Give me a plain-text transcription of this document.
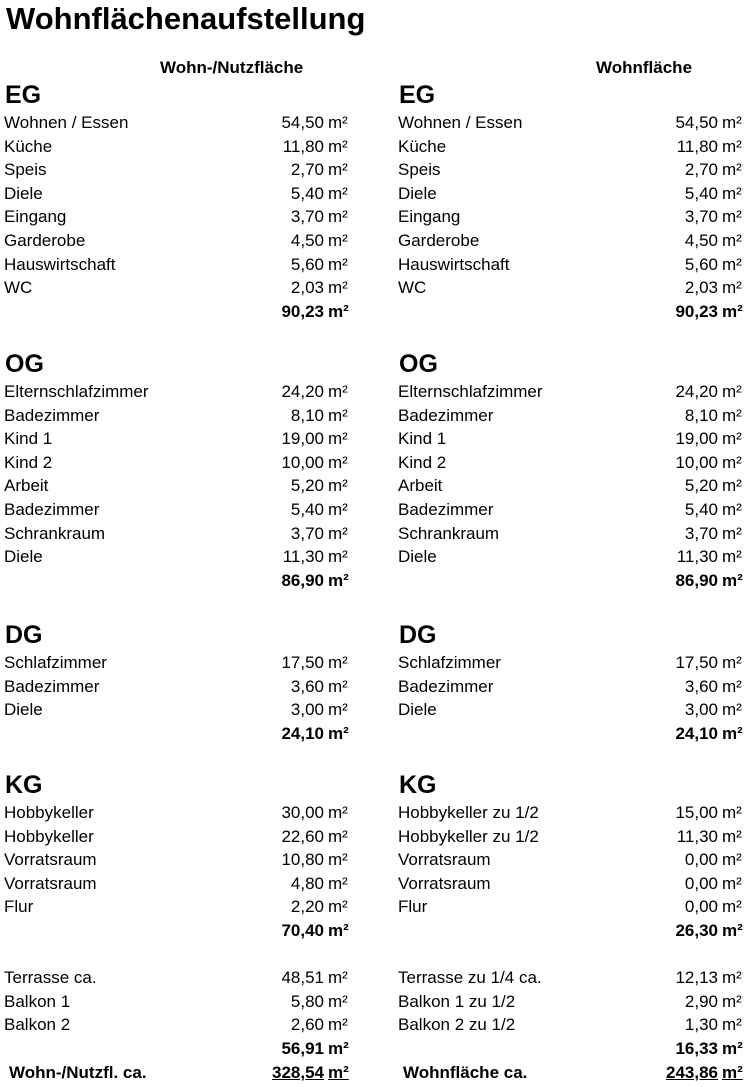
Wohnflächenaufstellung
Wohn-/Nutzfläche	Wohnfläche
EG
Wohnen / Essen	54,50 m²
Küche	11,80 m²
Speis	2,70 m²
Diele	5,40 m²
Eingang	3,70 m²
Garderobe	4,50 m²
Hauswirtschaft	5,60 m²
WC	2,03 m²
90,23 m²
OG
Elternschlafzimmer	24,20 m²
Badezimmer	8,10 m²
Kind 1	19,00 m²
Kind 2	10,00 m²
Arbeit	5,20 m²
Badezimmer	5,40 m²
Schrankraum	3,70 m²
Diele	11,30 m²
86,90 m²
DG
Schlafzimmer	17,50 m²
Badezimmer	3,60 m²
Diele	3,00 m²
24,10 m²
KG
Hobbykeller	30,00 m²
Hobbykeller	22,60 m²
Vorratsraum	10,80 m²
Vorratsraum	4,80 m²
Flur	2,20 m²
70,40 m²
Terrasse ca.	48,51 m²
Balkon 1	5,80 m²
Balkon 2	2,60 m²
56,91 m²
Wohn-/Nutzfl. ca.	328,54 m²
EG
Wohnen / Essen	54,50 m²
Küche	11,80 m²
Speis	2,70 m²
Diele	5,40 m²
Eingang	3,70 m²
Garderobe	4,50 m²
Hauswirtschaft	5,60 m²
WC	2,03 m²
90,23 m²
OG
Elternschlafzimmer	24,20 m²
Badezimmer	8,10 m²
Kind 1	19,00 m²
Kind 2	10,00 m²
Arbeit	5,20 m²
Badezimmer	5,40 m²
Schrankraum	3,70 m²
Diele	11,30 m²
86,90 m²
DG
Schlafzimmer	17,50 m²
Badezimmer	3,60 m²
Diele	3,00 m²
24,10 m²
KG
Hobbykeller zu 1/2	15,00 m²
Hobbykeller zu 1/2	11,30 m²
Vorratsraum	0,00 m²
Vorratsraum	0,00 m²
Flur	0,00 m²
26,30 m²
Terrasse zu 1/4 ca.	12,13 m²
Balkon 1 zu 1/2	2,90 m²
Balkon 2 zu 1/2	1,30 m²
16,33 m²
Wohnfläche ca.	243,86 m²
